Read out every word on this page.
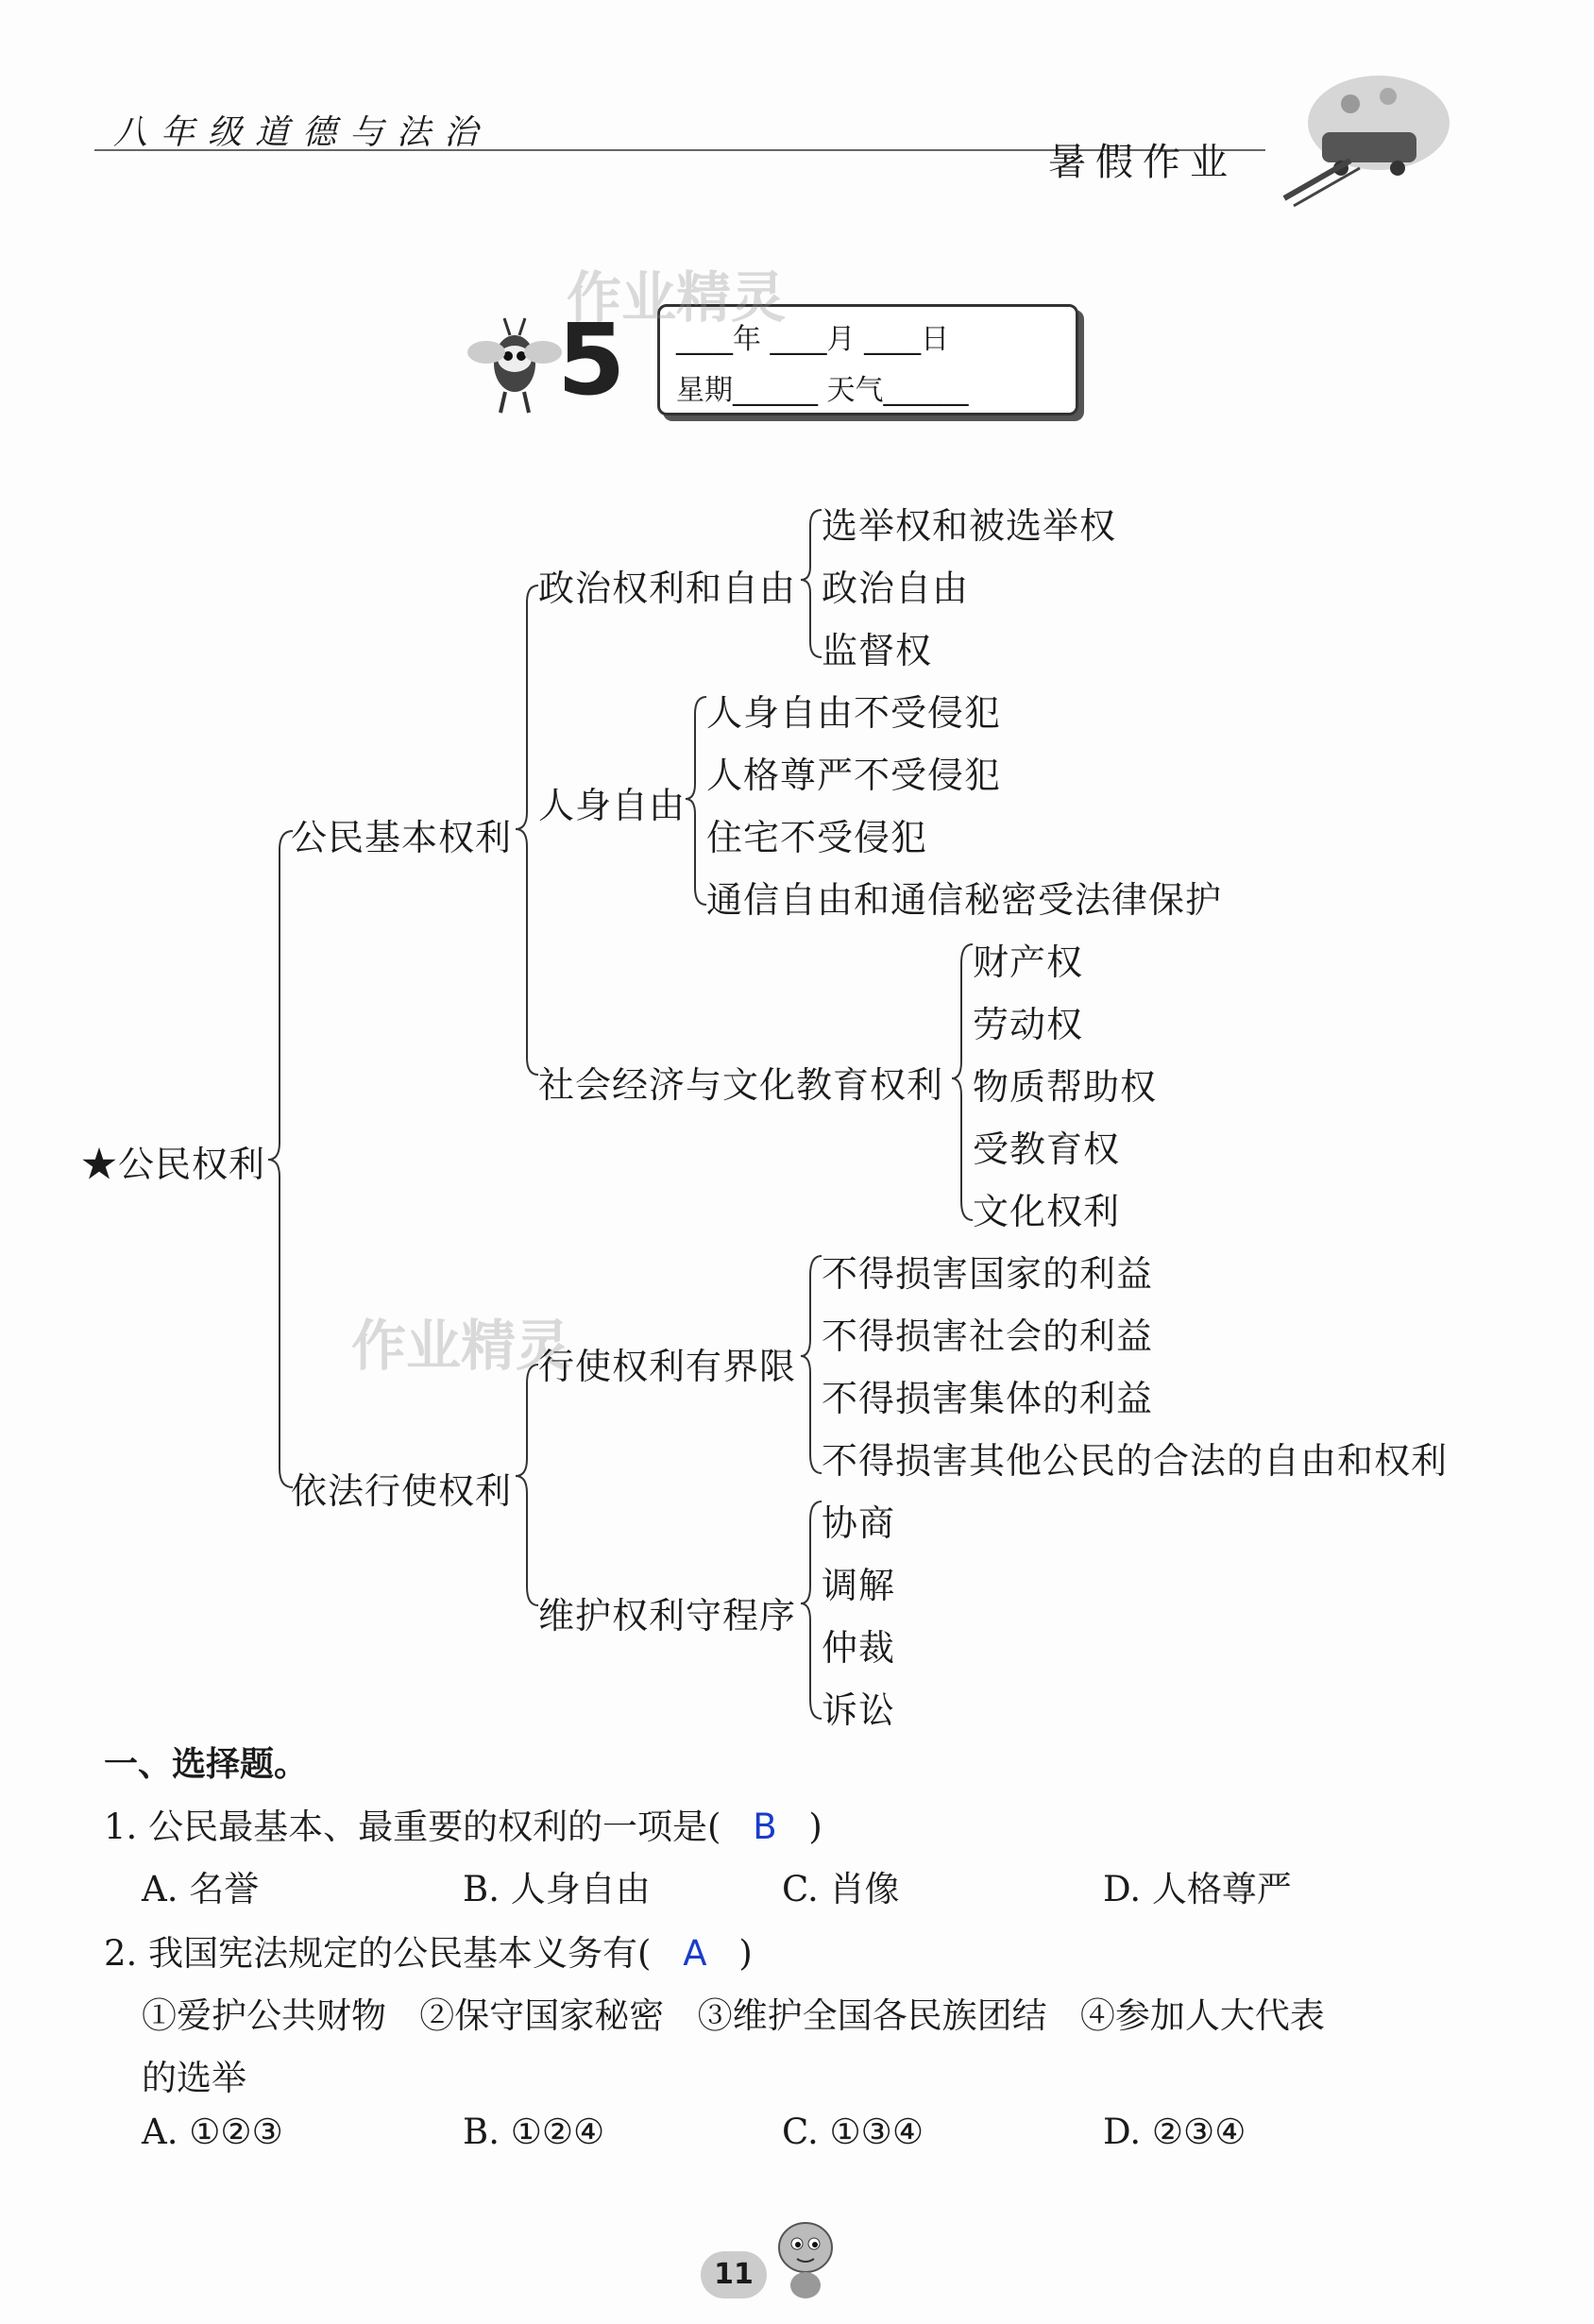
八年级道德与法治
暑假作业
5 ____年 ____月 ____日
星期______ 天气______
作业精灵
作业精灵
★公民权利
公民基本权利
政治权利和自由
选举权和被选举权
政治自由
监督权
人身自由
人身自由不受侵犯
人格尊严不受侵犯
住宅不受侵犯
通信自由和通信秘密受法律保护
社会经济与文化教育权利
财产权
劳动权
物质帮助权
受教育权
文化权利
依法行使权利
行使权利有界限
不得损害国家的利益
不得损害社会的利益
不得损害集体的利益
不得损害其他公民的合法的自由和权利
维护权利守程序
协商
调解
仲裁
诉讼
一、选择题。
1. 公民最基本、最重要的权利的一项是( B )
A. 名誉	B. 人身自由	C. 肖像	D. 人格尊严
2. 我国宪法规定的公民基本义务有( A )
①爱护公共财物   ②保守国家秘密   ③维护全国各民族团结   ④参加人大代表
的选举
A. ①②③	B. ①②④	C. ①③④	D. ②③④
11
